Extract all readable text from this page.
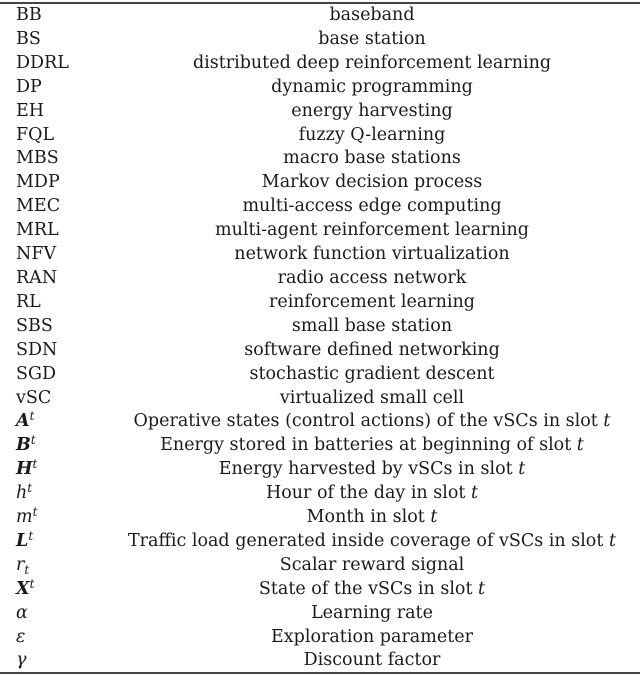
BB	baseband
BS	base station
DDRL	distributed deep reinforcement learning
DP	dynamic programming
EH	energy harvesting
FQL	fuzzy Q-learning
MBS	macro base stations
MDP	Markov decision process
MEC	multi-access edge computing
MRL	multi-agent reinforcement learning
NFV	network function virtualization
RAN	radio access network
RL	reinforcement learning
SBS	small base station
SDN	software defined networking
SGD	stochastic gradient descent
vSC	virtualized small cell
$A^t$	Operative states (control actions) of the vSCs in slot t
$B^t$	Energy stored in batteries at beginning of slot t
$H^t$	Energy harvested by vSCs in slot t
$h^t$	Hour of the day in slot t
$m^t$	Month in slot t
$L^t$	Traffic load generated inside coverage of vSCs in slot t
$r_t$	Scalar reward signal
$X^t$	State of the vSCs in slot t
α	Learning rate
ε	Exploration parameter
γ	Discount factor
